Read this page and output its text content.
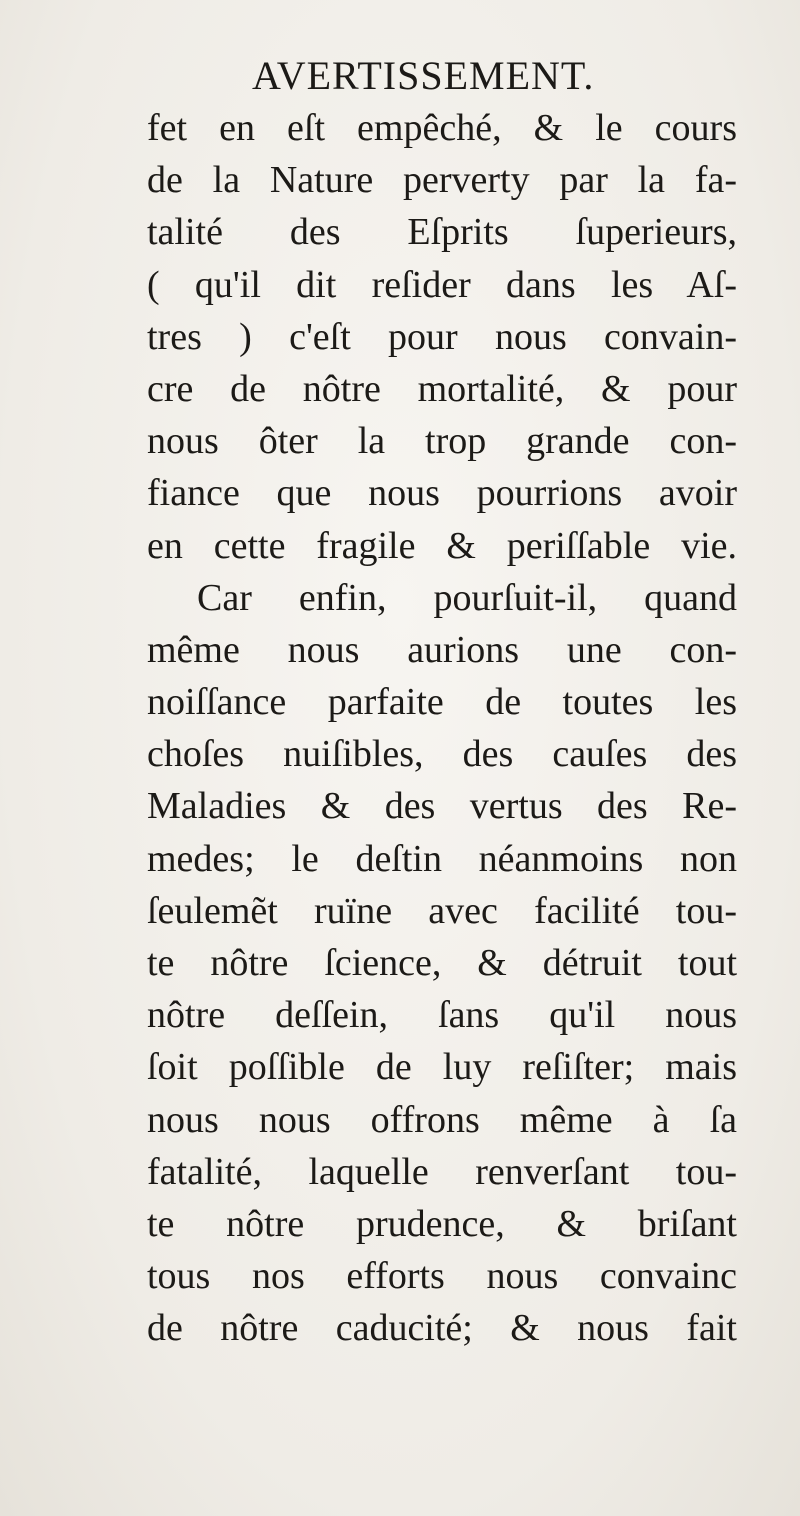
AVERTISSEMENT.
fet en eſt empêché, & le cours
de la Nature perverty par la fa-
talité des Eſprits ſuperieurs,
( qu'il dit reſider dans les Aſ-
tres ) c'eſt pour nous convain-
cre de nôtre mortalité, & pour
nous ôter la trop grande con-
fiance que nous pourrions avoir
en cette fragile & periſſable vie.
Car enfin, pourſuit-il, quand
même nous aurions une con-
noiſſance parfaite de toutes les
choſes nuiſibles, des cauſes des
Maladies & des vertus des Re-
medes; le deſtin néanmoins non
ſeulemẽt ruïne avec facilité tou-
te nôtre ſcience, & détruit tout
nôtre deſſein, ſans qu'il nous
ſoit poſſible de luy reſiſter; mais
nous nous offrons même à ſa
fatalité, laquelle renverſant tou-
te nôtre prudence, & briſant
tous nos efforts nous convainc
de nôtre caducité; & nous fait
